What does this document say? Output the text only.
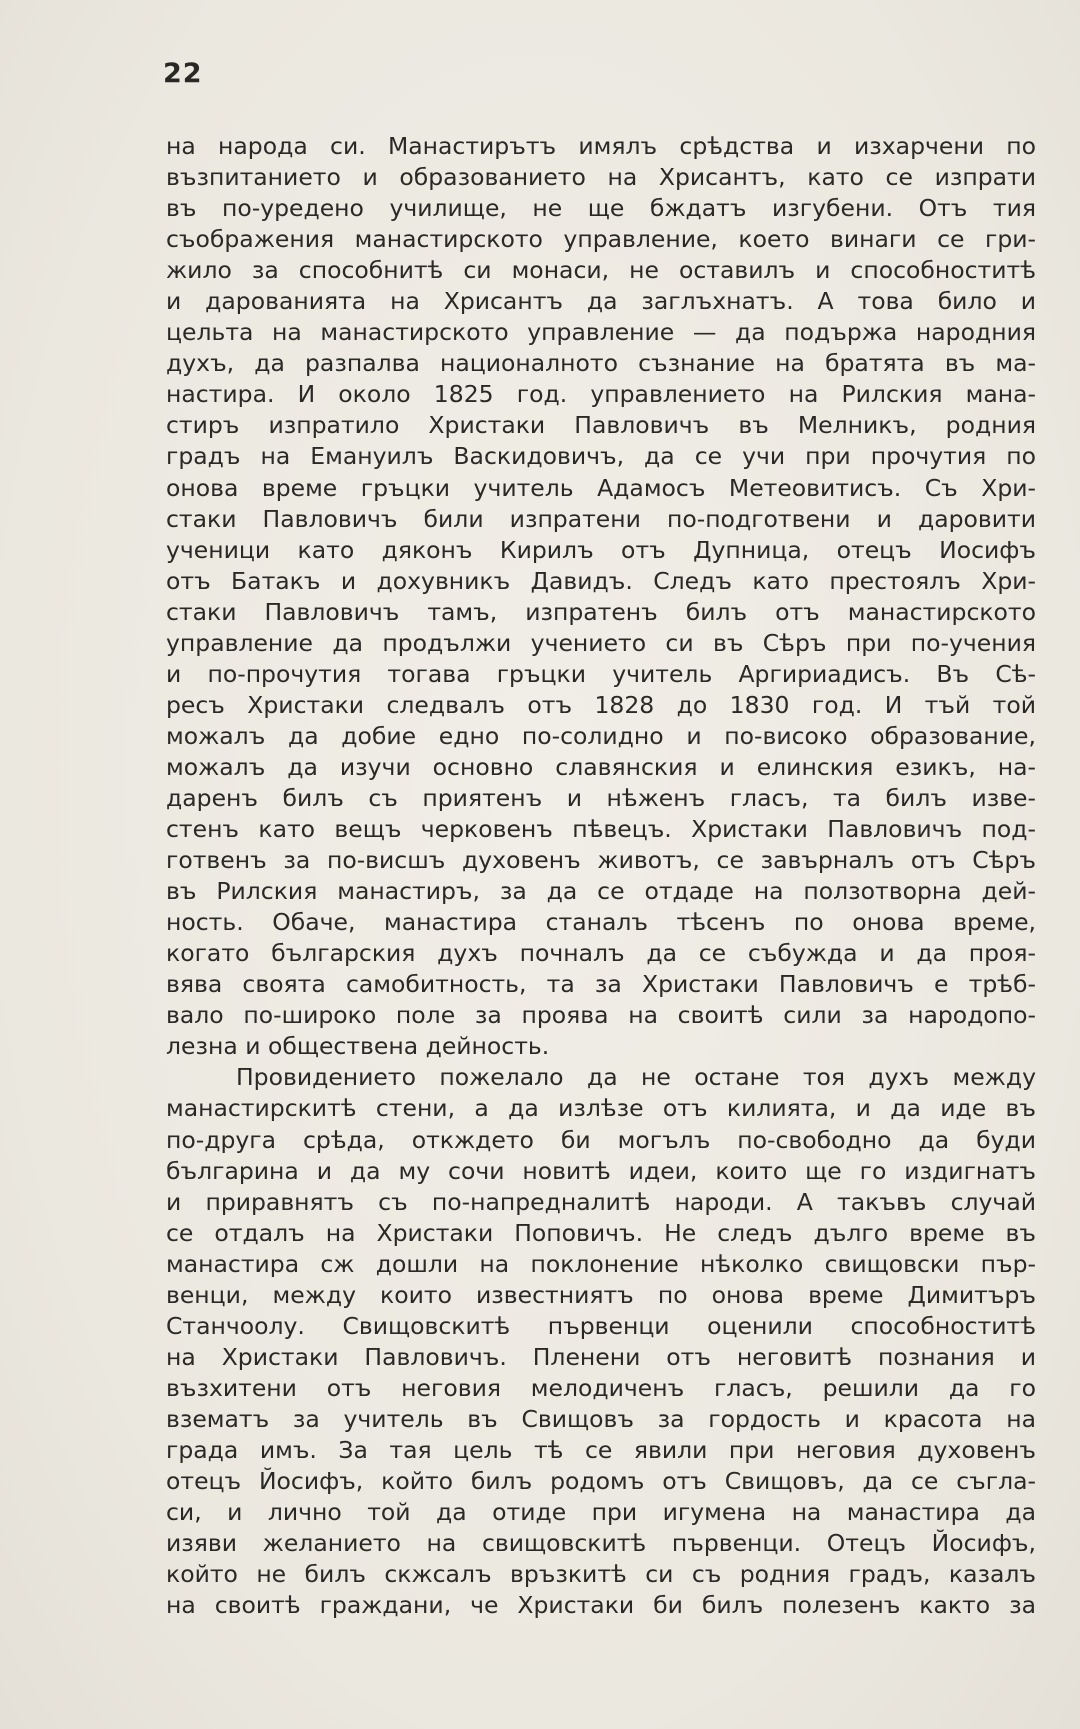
22
на народа си. Манастирътъ имялъ срѣдства и изхарчени по
възпитанието и образованието на Хрисантъ, като се изпрати
въ по-уредено училище, не ще бждатъ изгубени. Отъ тия
съображения манастирското управление, което винаги се гри-
жило за способнитѣ си монаси, не оставилъ и способноститѣ
и дарованията на Хрисантъ да заглъхнатъ. А това било и
цельта на манастирското управление — да подържа народния
духъ, да разпалва националното съзнание на братята въ ма-
настира. И около 1825 год. управлението на Рилския мана-
стиръ изпратило Христаки Павловичъ въ Мелникъ, родния
градъ на Емануилъ Васкидовичъ, да се учи при прочутия по
онова време гръцки учитель Адамосъ Метеовитисъ. Съ Хри-
стаки Павловичъ били изпратени по-подготвени и даровити
ученици като дяконъ Кирилъ отъ Дупница, отецъ Иосифъ
отъ Батакъ и дохувникъ Давидъ. Следъ като престоялъ Хри-
стаки Павловичъ тамъ, изпратенъ билъ отъ манастирското
управление да продължи учението си въ Сѣръ при по-учения
и по-прочутия тогава гръцки учитель Аргириадисъ. Въ Сѣ-
ресъ Христаки следвалъ отъ 1828 до 1830 год. И тъй той
можалъ да добие едно по-солидно и по-високо образование,
можалъ да изучи основно славянския и елинския езикъ, на-
даренъ билъ съ приятенъ и нѣженъ гласъ, та билъ изве-
стенъ като вещъ черковенъ пѣвецъ. Христаки Павловичъ под-
готвенъ за по-висшъ духовенъ животъ, се завърналъ отъ Сѣръ
въ Рилския манастиръ, за да се отдаде на ползотворна дей-
ность. Обаче, манастира станалъ тѣсенъ по онова време,
когато българския духъ почналъ да се събужда и да проя-
вява своята самобитность, та за Христаки Павловичъ е трѣб-
вало по-широко поле за проява на своитѣ сили за народопо-
лезна и обществена дейность.
Провидението пожелало да не остане тоя духъ между
манастирскитѣ стени, а да излѣзе отъ килията, и да иде въ
по-друга срѣда, откждето би могълъ по-свободно да буди
българина и да му сочи новитѣ идеи, които ще го издигнатъ
и приравнятъ съ по-напредналитѣ народи. А такъвъ случай
се отдалъ на Христаки Поповичъ. Не следъ дълго време въ
манастира сж дошли на поклонение нѣколко свищовски пър-
венци, между които известниятъ по онова време Димитъръ
Станчоолу. Свищовскитѣ първенци оценили способноститѣ
на Христаки Павловичъ. Пленени отъ неговитѣ познания и
възхитени отъ неговия мелодиченъ гласъ, решили да го
взематъ за учитель въ Свищовъ за гордость и красота на
града имъ. За тая цель тѣ се явили при неговия духовенъ
отецъ Йосифъ, който билъ родомъ отъ Свищовъ, да се съгла-
си, и лично той да отиде при игумена на манастира да
изяви желанието на свищовскитѣ първенци. Отецъ Йосифъ,
който не билъ скжсалъ връзкитѣ си съ родния градъ, казалъ
на своитѣ граждани, че Христаки би билъ полезенъ както за
